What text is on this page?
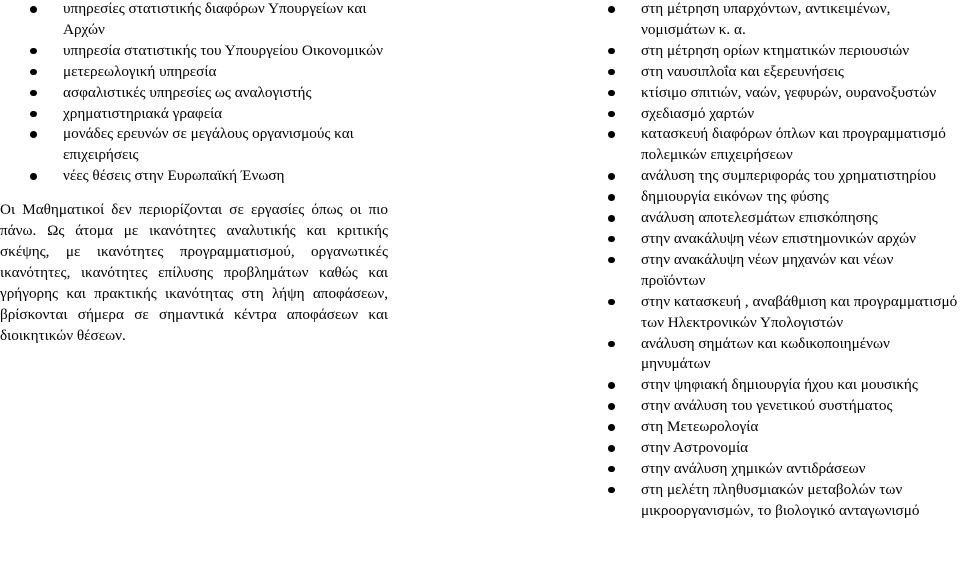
υπηρεσίες στατιστικής διαφόρων Υπουργείων και Αρχών
υπηρεσία στατιστικής του Υπουργείου Οικονομικών
μετερεωλογική υπηρεσία
ασφαλιστικές υπηρεσίες ως αναλογιστής
χρηματιστηριακά γραφεία
μονάδες ερευνών σε μεγάλους οργανισμούς και επιχειρήσεις
νέες θέσεις στην Ευρωπαϊκή Ένωση

Οι Μαθηματικοί δεν περιορίζονται σε εργασίες όπως οι πιο πάνω. Ως άτομα με ικανότητες αναλυτικής και κριτικής σκέψης, με ικανότητες προγραμματισμού, οργανωτικές ικανότητες, ικανότητες επίλυσης προβλημάτων καθώς και γρήγορης και πρακτικής ικανότητας στη λήψη αποφάσεων, βρίσκονται σήμερα σε σημαντικά κέντρα αποφάσεων και διοικητικών θέσεων.

στη μέτρηση υπαρχόντων, αντικειμένων, νομισμάτων κ. α.
στη μέτρηση ορίων κτηματικών περιουσιών
στη ναυσιπλοΐα και εξερευνήσεις
κτίσιμο σπιτιών, ναών, γεφυρών, ουρανοξυστών
σχεδιασμό χαρτών
κατασκευή διαφόρων όπλων και προγραμματισμό πολεμικών επιχειρήσεων
ανάλυση της συμπεριφοράς του χρηματιστηρίου
δημιουργία εικόνων της φύσης
ανάλυση αποτελεσμάτων επισκόπησης
στην ανακάλυψη νέων επιστημονικών αρχών
στην ανακάλυψη νέων μηχανών και νέων προϊόντων
στην κατασκευή , αναβάθμιση και προγραμματισμό των Ηλεκτρονικών Υπολογιστών
ανάλυση σημάτων και κωδικοποιημένων μηνυμάτων
στην ψηφιακή δημιουργία ήχου και μουσικής
στην ανάλυση του γενετικού συστήματος
στη Μετεωρολογία
στην Αστρονομία
στην ανάλυση χημικών αντιδράσεων
στη μελέτη πληθυσμιακών μεταβολών των μικροοργανισμών, το βιολογικό ανταγωνισμό
